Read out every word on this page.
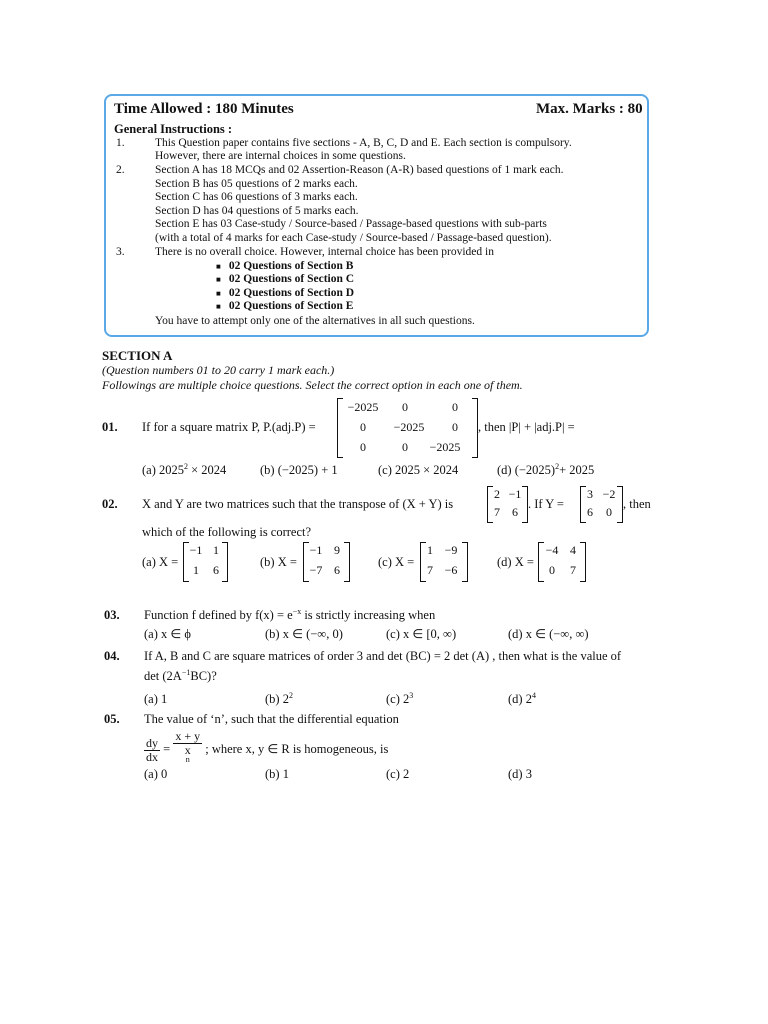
Time Allowed : 180 Minutes	Max. Marks : 80
General Instructions :
1.	This Question paper contains five sections - A, B, C, D and E. Each section is compulsory.
However, there are internal choices in some questions.
2.	Section A has 18 MCQs and 02 Assertion-Reason (A-R) based questions of 1 mark each.
Section B has 05 questions of 2 marks each.
Section C has 06 questions of 3 marks each.
Section D has 04 questions of 5 marks each.
Section E has 03 Case-study / Source-based / Passage-based questions with sub-parts
(with a total of 4 marks for each Case-study / Source-based / Passage-based question).
3.	There is no overall choice. However, internal choice has been provided in
■ 02 Questions of Section B
■ 02 Questions of Section C
■ 02 Questions of Section D
■ 02 Questions of Section E
You have to attempt only one of the alternatives in all such questions.
SECTION A
(Question numbers 01 to 20 carry 1 mark each.)
Followings are multiple choice questions. Select the correct option in each one of them.
01. If for a square matrix P, P.(adj.P) =
−2025	0	0
0	−2025	0
0	0	−2025
, then |P| + |adj.P| =
(a) $2025^2 \times 2024$	(b) (−2025) + 1	(c) 2025 × 2024	(d) $(-2025)^2+ 2025$
02. X and Y are two matrices such that the transpose of (X + Y) is
2 −1
7	6
. If Y =
3 −2
6	0
, then
which of the following is correct?
(a) X =
−1 1
1	6
(b) X =
−1 9
−7 6
(c) X =
1 −9
7 −6
(d) X =
−4 4
0	7
03. Function f defined by $f(x) = e^{-x}$ is strictly increasing when
(a) x ∈ ϕ	(b) x ∈ (−∞, 0)	(c) x ∈ [0, ∞)	(d) x ∈ (−∞, ∞)
04. If A, B and C are square matrices of order 3 and det (BC) = 2 det (A) , then what is the value of
$\det (2A^{-1}BC)$?
(a) 1	(b) $2^2$	(c) $2^3$	(d) $2^4$
05. The value of ‘n’, such that the differential equation
$\frac{dy}{dx} = x + y$
x
$^n$ ; where x, y ∈ R is homogeneous, is
(a) 0	(b) 1	(c) 2	(d) 3
